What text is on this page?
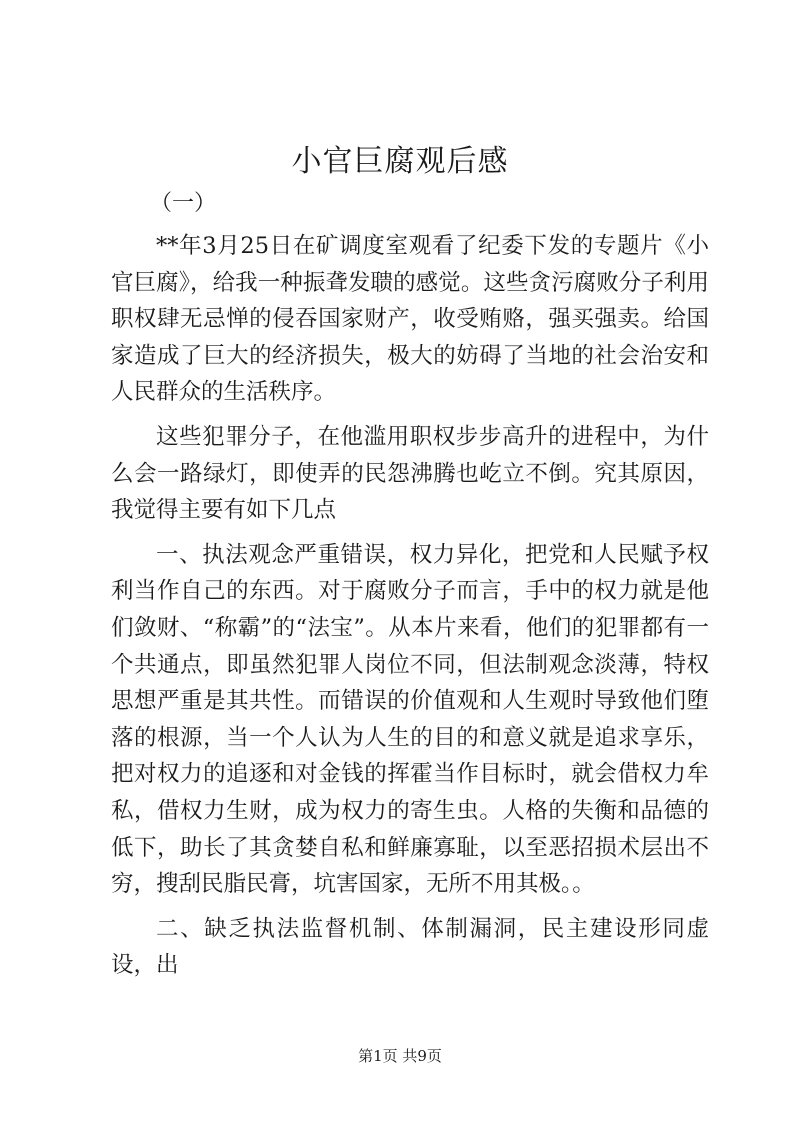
小官巨腐观后感
（一）

**年3月25日在矿调度室观看了纪委下发的专题片《小官巨腐》，给我一种振聋发聩的感觉。这些贪污腐败分子利用职权肆无忌惮的侵吞国家财产，收受贿赂，强买强卖。给国家造成了巨大的经济损失，极大的妨碍了当地的社会治安和人民群众的生活秩序。

这些犯罪分子，在他滥用职权步步高升的进程中，为什么会一路绿灯，即使弄的民怨沸腾也屹立不倒。究其原因，我觉得主要有如下几点

一、执法观念严重错误，权力异化，把党和人民赋予权利当作自己的东西。对于腐败分子而言，手中的权力就是他们敛财、“称霸”的“法宝”。从本片来看，他们的犯罪都有一个共通点，即虽然犯罪人岗位不同，但法制观念淡薄，特权思想严重是其共性。而错误的价值观和人生观时导致他们堕落的根源，当一个人认为人生的目的和意义就是追求享乐，把对权力的追逐和对金钱的挥霍当作目标时，就会借权力牟私，借权力生财，成为权力的寄生虫。人格的失衡和品德的低下，助长了其贪婪自私和鲜廉寡耻，以至恶招损术层出不穷，搜刮民脂民膏，坑害国家，无所不用其极。。

二、缺乏执法监督机制、体制漏洞，民主建设形同虚设，出

第1页 共9页
